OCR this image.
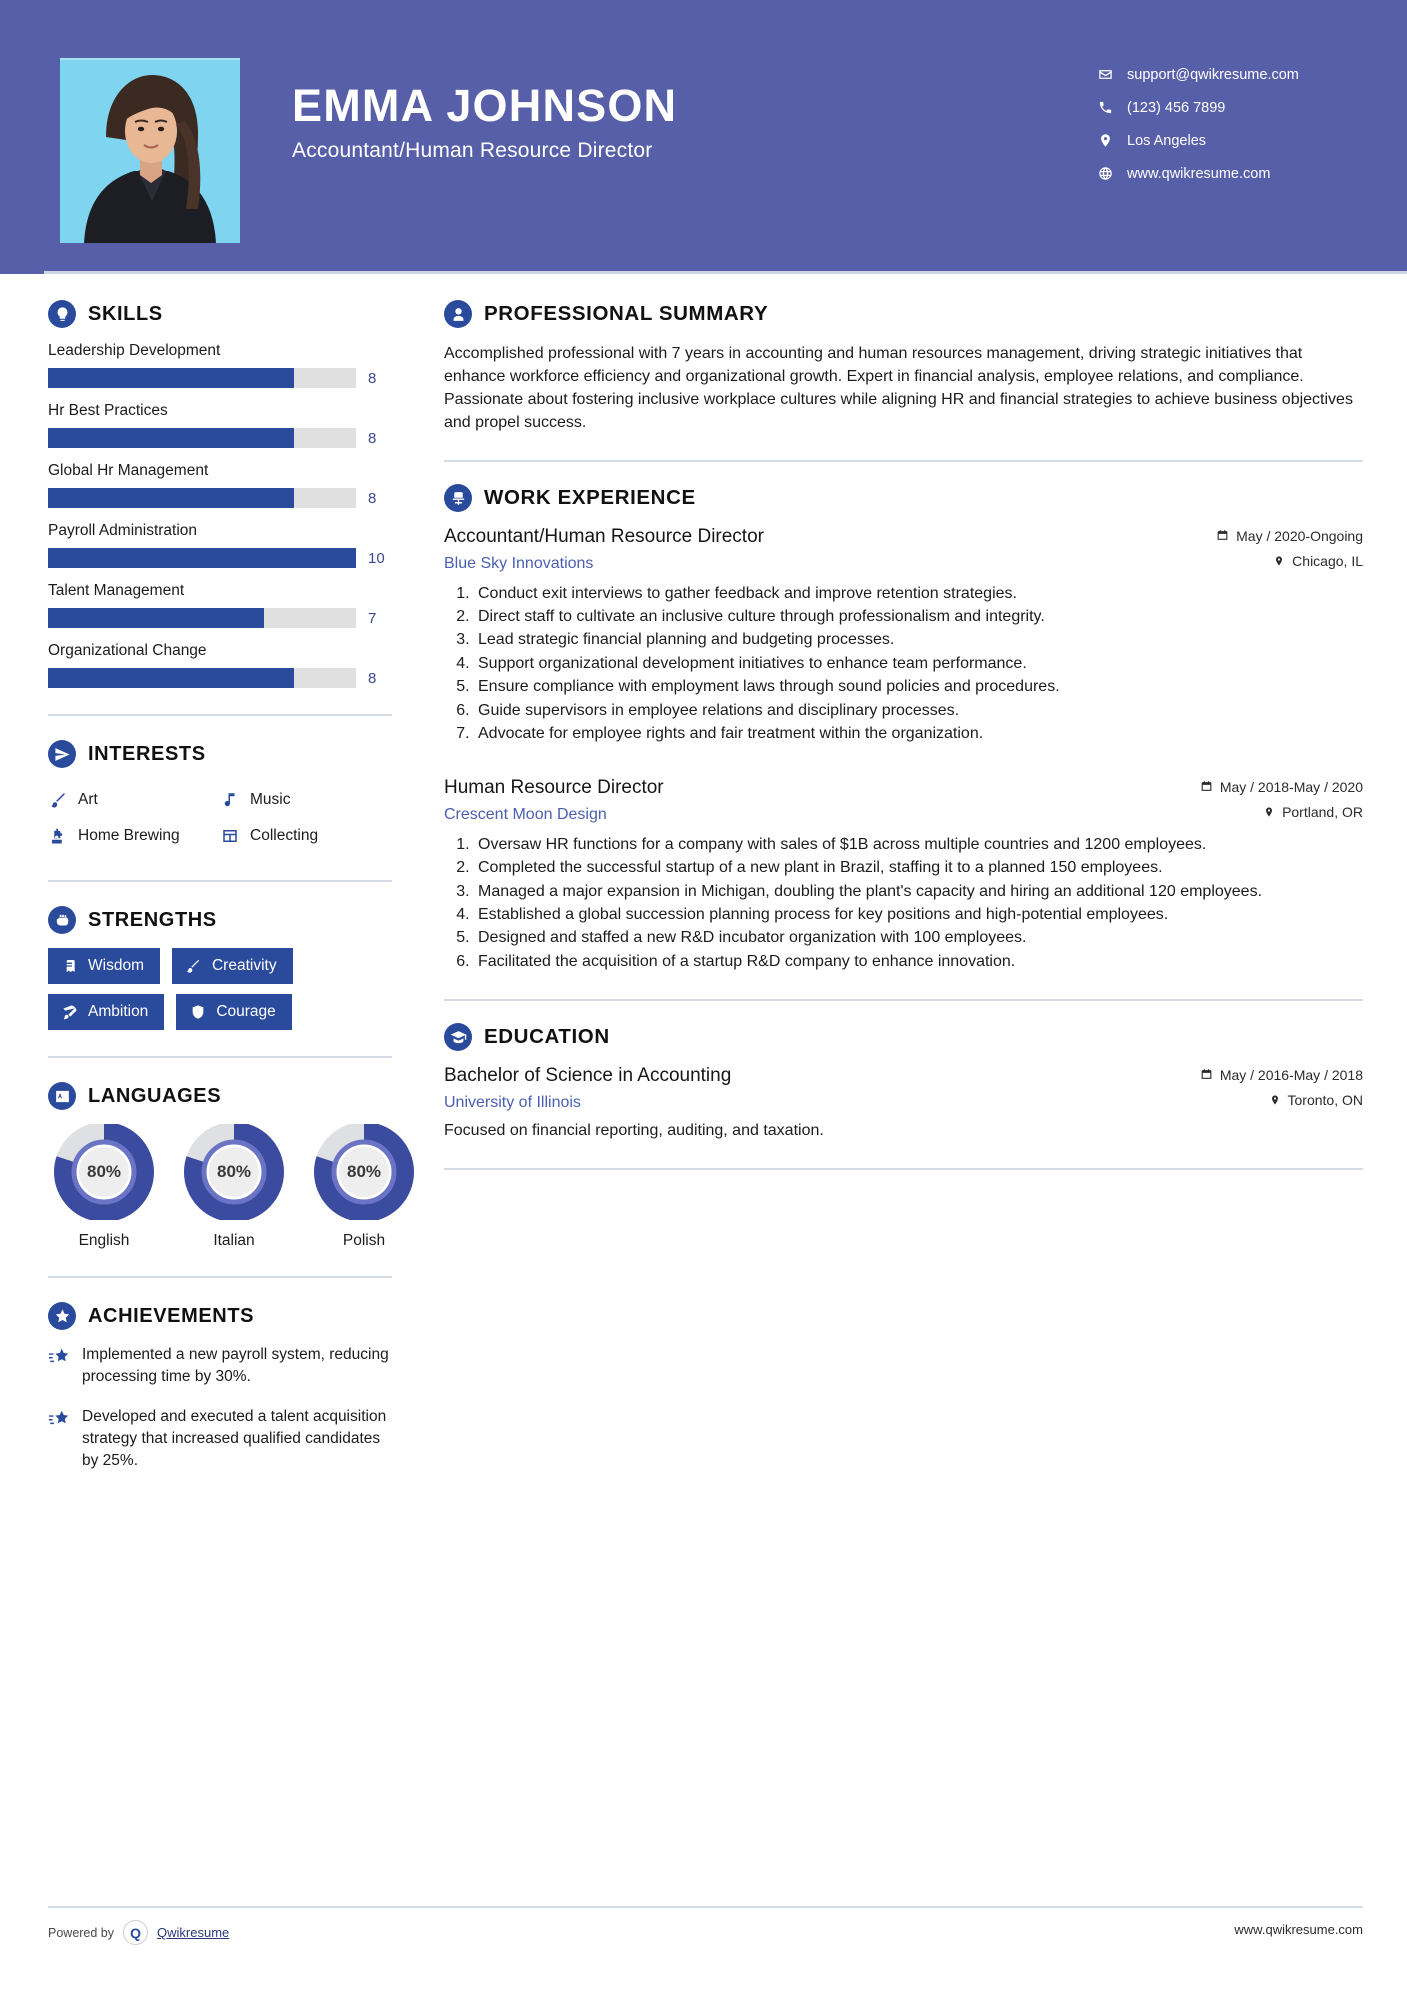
EMMA JOHNSON
Accountant/Human Resource Director
support@qwikresume.com
(123) 456 7899
Los Angeles
www.qwikresume.com
SKILLS
Leadership Development
8
Hr Best Practices
8
Global Hr Management
8
Payroll Administration
10
Talent Management
7
Organizational Change
8
INTERESTS
Art	Music
Home Brewing	Collecting
STRENGTHS
Wisdom	Creativity
Ambition	Courage
LANGUAGES
80%
English
80%
Italian
80%
Polish
ACHIEVEMENTS
Implemented a new payroll system, reducing processing time by 30%.
Developed and executed a talent acquisition strategy that increased qualified candidates by 25%.
PROFESSIONAL SUMMARY
Accomplished professional with 7 years in accounting and human resources management, driving strategic initiatives that enhance workforce efficiency and organizational growth. Expert in financial analysis, employee relations, and compliance. Passionate about fostering inclusive workplace cultures while aligning HR and financial strategies to achieve business objectives and propel success.
WORK EXPERIENCE
Accountant/Human Resource Director	May / 2020-Ongoing
Blue Sky Innovations	Chicago, IL
1. Conduct exit interviews to gather feedback and improve retention strategies.
2. Direct staff to cultivate an inclusive culture through professionalism and integrity.
3. Lead strategic financial planning and budgeting processes.
4. Support organizational development initiatives to enhance team performance.
5. Ensure compliance with employment laws through sound policies and procedures.
6. Guide supervisors in employee relations and disciplinary processes.
7. Advocate for employee rights and fair treatment within the organization.
Human Resource Director	May / 2018-May / 2020
Crescent Moon Design	Portland, OR
1. Oversaw HR functions for a company with sales of $1B across multiple countries and 1200 employees.
2. Completed the successful startup of a new plant in Brazil, staffing it to a planned 150 employees.
3. Managed a major expansion in Michigan, doubling the plant's capacity and hiring an additional 120 employees.
4. Established a global succession planning process for key positions and high-potential employees.
5. Designed and staffed a new R&D incubator organization with 100 employees.
6. Facilitated the acquisition of a startup R&D company to enhance innovation.
EDUCATION
Bachelor of Science in Accounting	May / 2016-May / 2018
University of Illinois	Toronto, ON
Focused on financial reporting, auditing, and taxation.
Powered by	Q	Qwikresume	www.qwikresume.com
